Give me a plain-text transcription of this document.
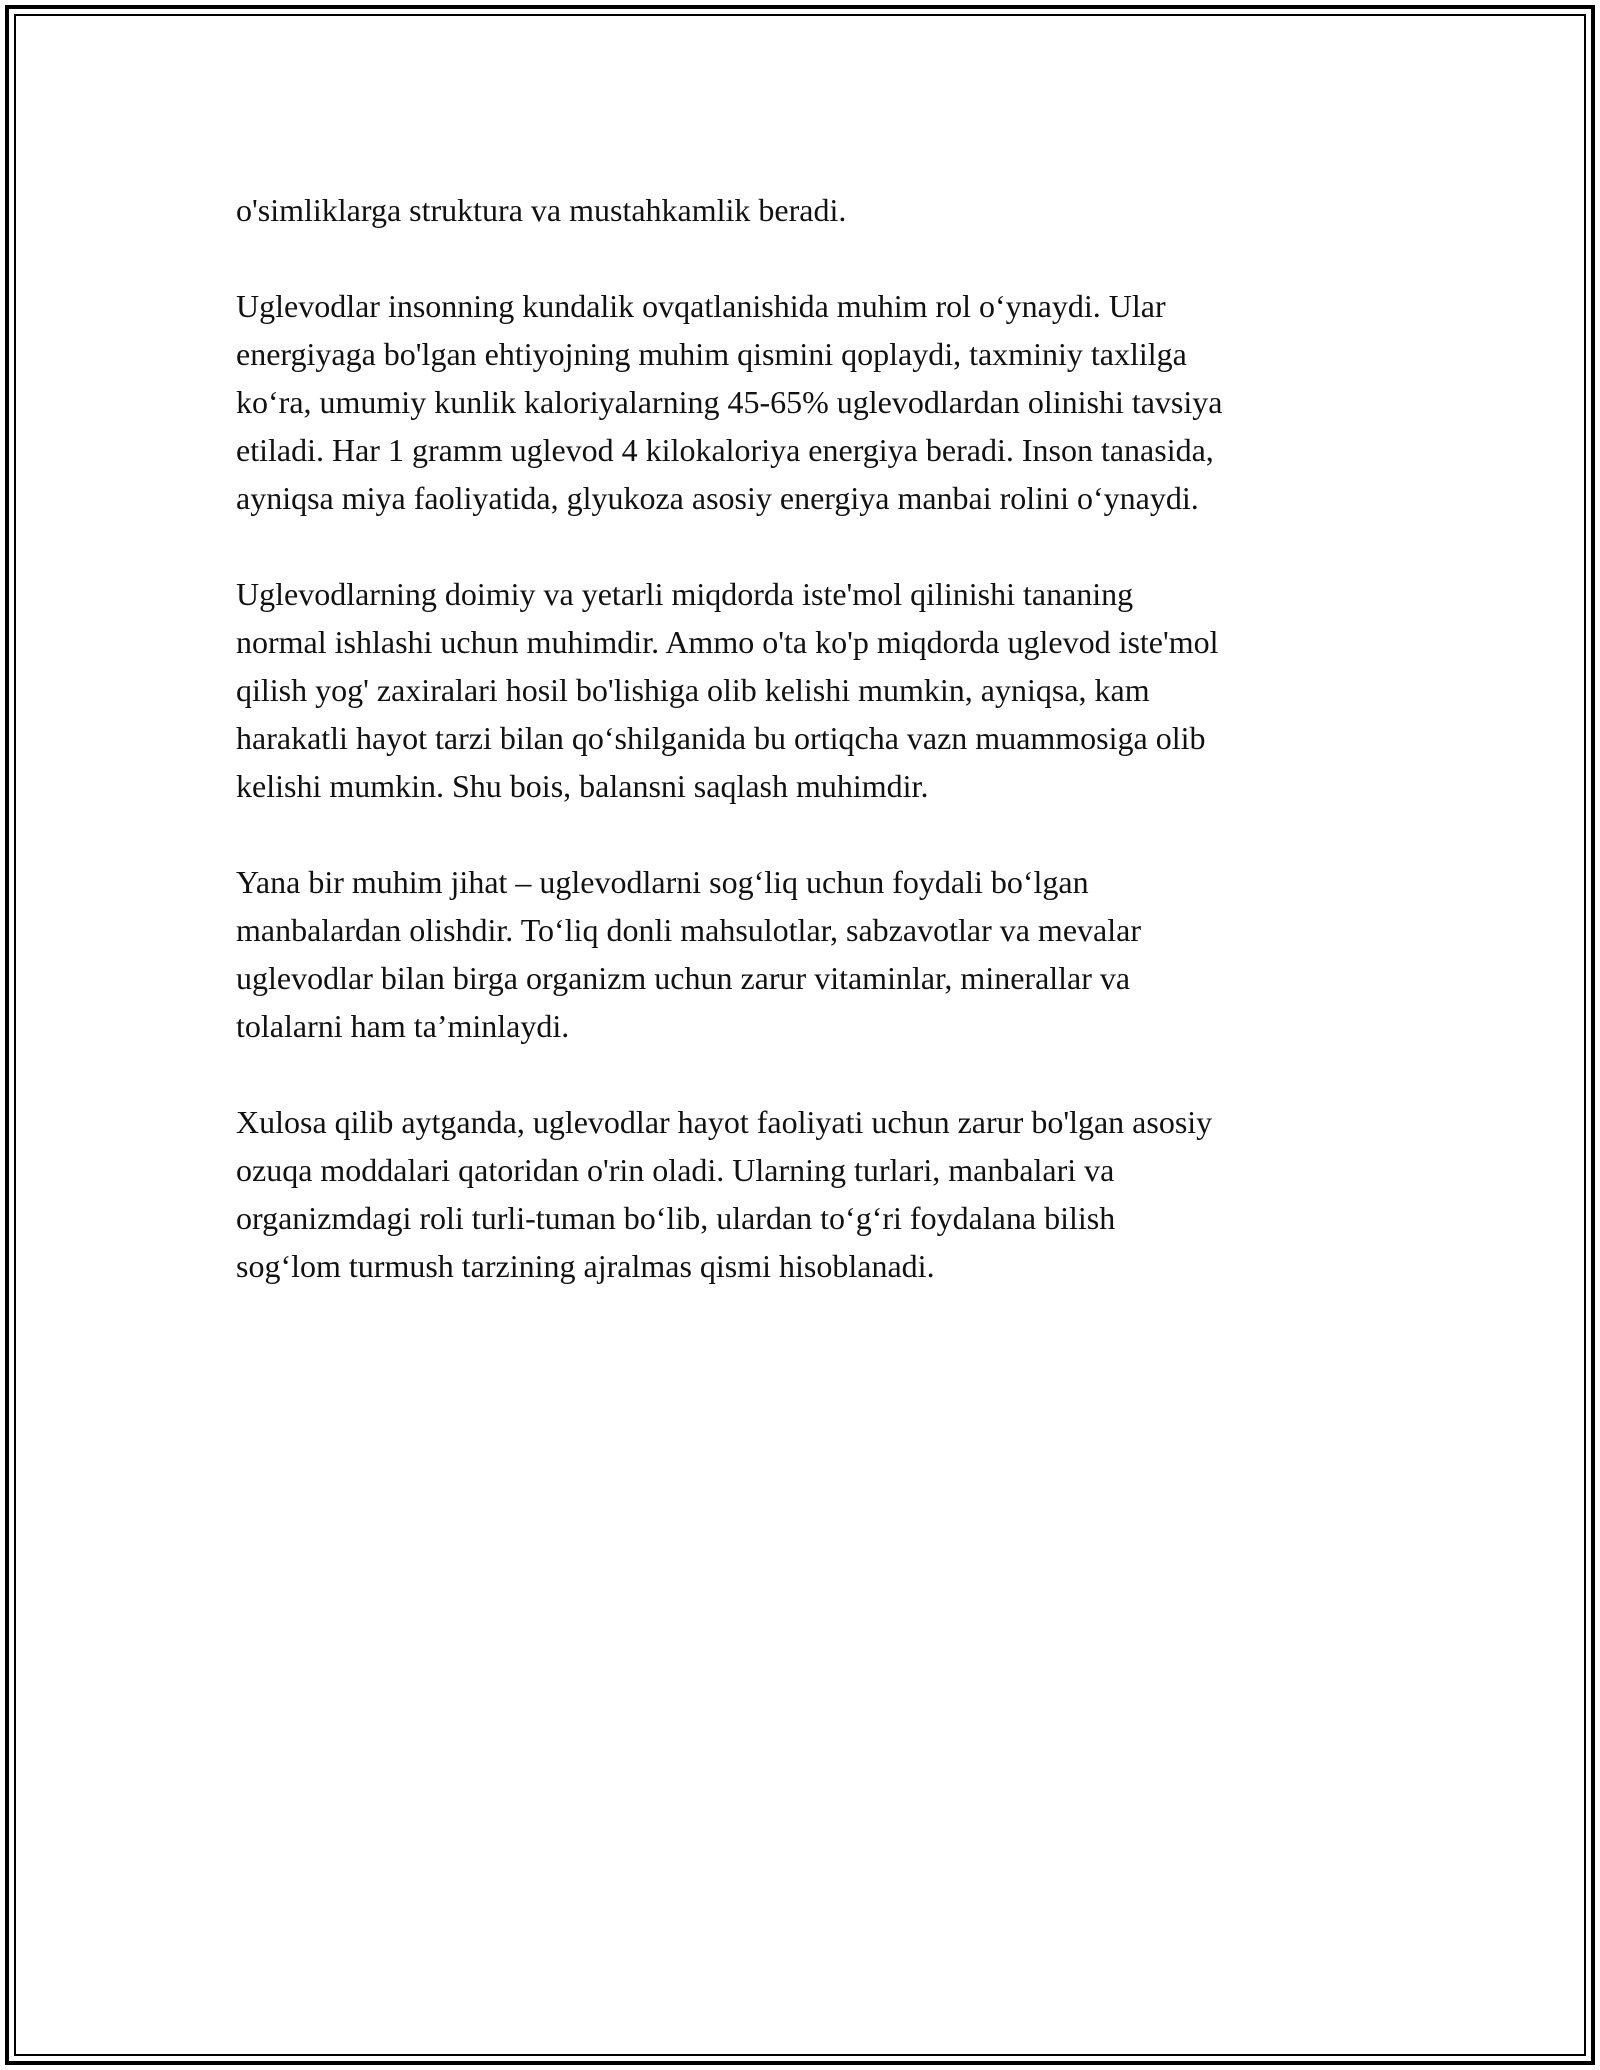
o'simliklarga struktura va mustahkamlik beradi.

Uglevodlar insonning kundalik ovqatlanishida muhim rol o‘ynaydi. Ular
energiyaga bo'lgan ehtiyojning muhim qismini qoplaydi, taxminiy taxlilga
ko‘ra, umumiy kunlik kaloriyalarning 45-65% uglevodlardan olinishi tavsiya
etiladi. Har 1 gramm uglevod 4 kilokaloriya energiya beradi. Inson tanasida,
ayniqsa miya faoliyatida, glyukoza asosiy energiya manbai rolini o‘ynaydi.

Uglevodlarning doimiy va yetarli miqdorda iste'mol qilinishi tananing
normal ishlashi uchun muhimdir. Ammo o'ta ko'p miqdorda uglevod iste'mol
qilish yog' zaxiralari hosil bo'lishiga olib kelishi mumkin, ayniqsa, kam
harakatli hayot tarzi bilan qo‘shilganida bu ortiqcha vazn muammosiga olib
kelishi mumkin. Shu bois, balansni saqlash muhimdir.

Yana bir muhim jihat – uglevodlarni sog‘liq uchun foydali bo‘lgan
manbalardan olishdir. To‘liq donli mahsulotlar, sabzavotlar va mevalar
uglevodlar bilan birga organizm uchun zarur vitaminlar, minerallar va
tolalarni ham ta’minlaydi.

Xulosa qilib aytganda, uglevodlar hayot faoliyati uchun zarur bo'lgan asosiy
ozuqa moddalari qatoridan o'rin oladi. Ularning turlari, manbalari va
organizmdagi roli turli-tuman bo‘lib, ulardan to‘g‘ri foydalana bilish
sog‘lom turmush tarzining ajralmas qismi hisoblanadi.
